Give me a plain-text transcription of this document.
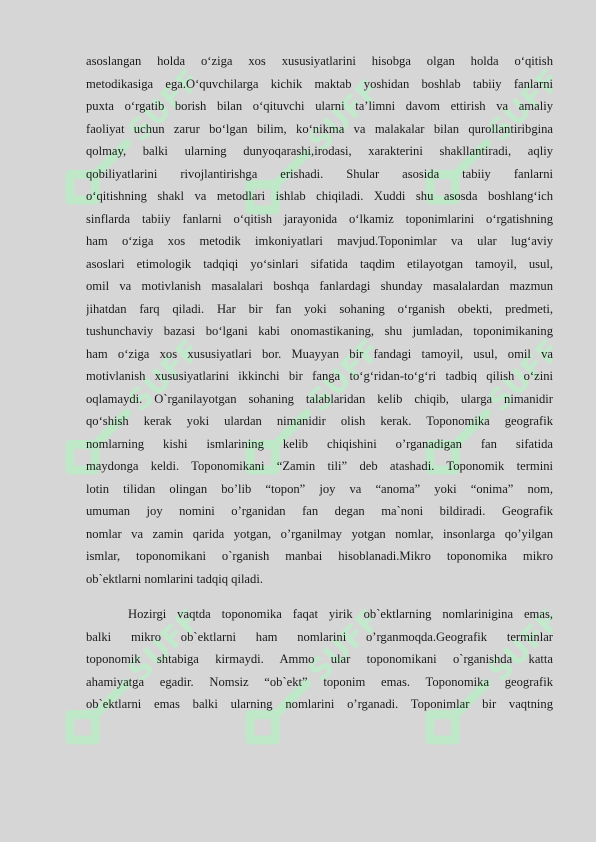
SUFF	SUFF	SUFF
SUFF	SUFF	SUFF
SUFF	SUFF	SUFF
asoslangan holda o‘ziga xos xususiyatlarini hisobga olgan holda o‘qitish
metodikasiga ega.O‘quvchilarga kichik maktab yoshidan boshlab tabiiy fanlarni
puxta o‘rgatib borish bilan o‘qituvchi ularni ta’limni davom ettirish va amaliy
faoliyat uchun zarur bo‘lgan bilim, ko‘nikma va malakalar bilan qurollantiribgina
qolmay, balki ularning dunyoqarashi,irodasi, xarakterini shakllantiradi, aqliy
qobiliyatlarini rivojlantirishga erishadi. Shular asosida tabiiy fanlarni
o‘qitishning shakl va metodlari ishlab chiqiladi. Xuddi shu asosda boshlang‘ich
sinflarda tabiiy fanlarni o‘qitish jarayonida o‘lkamiz toponimlarini o‘rgatishning
ham o‘ziga xos metodik imkoniyatlari mavjud.Toponimlar va ular lug‘aviy
asoslari etimologik tadqiqi yo‘sinlari sifatida taqdim etilayotgan tamoyil, usul,
omil va motivlanish masalalari boshqa fanlardagi shunday masalalardan mazmun
jihatdan farq qiladi. Har bir fan yoki sohaning o‘rganish obekti, predmeti,
tushunchaviy bazasi bo‘lgani kabi onomastikaning, shu jumladan, toponimikaning
ham o‘ziga xos xususiyatlari bor. Muayyan bir fandagi tamoyil, usul, omil va
motivlanish xususiyatlarini ikkinchi bir fanga to‘g‘ridan-to‘g‘ri tadbiq qilish o‘zini
oqlamaydi. O`rganilayotgan sohaning talablaridan kelib chiqib, ularga nimanidir
qo‘shish kerak yoki ulardan nimanidir olish kerak. Toponomika geografik
nomlarning kishi ismlarining kelib chiqishini o’rganadigan fan sifatida
maydonga keldi. Toponomikani “Zamin tili” deb atashadi. Toponomik termini
lotin tilidan olingan bo’lib “topon” joy va “anoma” yoki “onima” nom,
umuman joy nomini o’rganidan fan degan ma`noni bildiradi. Geografik
nomlar va zamin qarida yotgan, o’rganilmay yotgan nomlar, insonlarga qo’yilgan
ismlar, toponomikani o`rganish manbai hisoblanadi.Mikro toponomika mikro
ob`ektlarni nomlarini tadqiq qiladi.
Hozirgi vaqtda toponomika faqat yirik ob`ektlarning nomlarinigina emas,
balki mikro ob`ektlarni ham nomlarini o’rganmoqda.Geografik terminlar
toponomik shtabiga kirmaydi. Ammo ular toponomikani o`rganishda katta
ahamiyatga egadir. Nomsiz “ob`ekt” toponim emas. Toponomika geografik
ob`ektlarni emas balki ularning nomlarini o’rganadi. Toponimlar bir vaqtning
